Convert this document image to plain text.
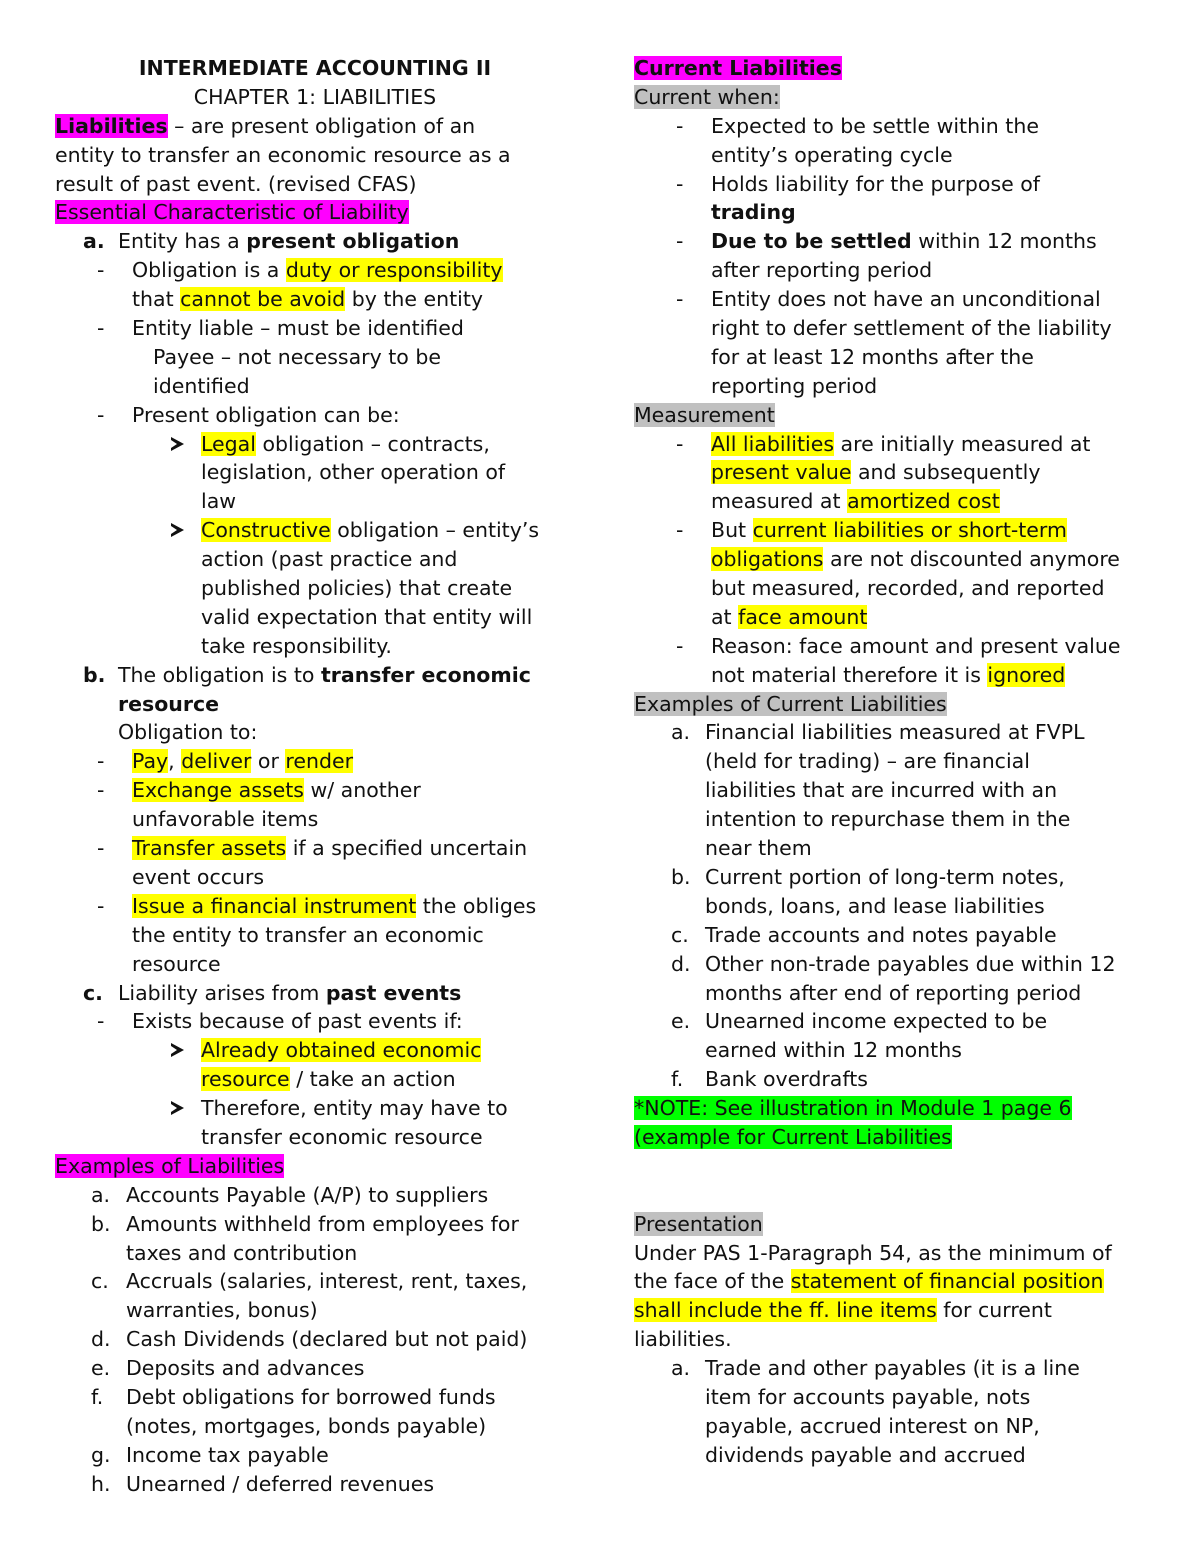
INTERMEDIATE ACCOUNTING II
CHAPTER 1: LIABILITIES
Liabilities – are present obligation of an
entity to transfer an economic resource as a
result of past event. (revised CFAS)
Essential Characteristic of Liability
a. Entity has a present obligation
- Obligation is a duty or responsibility
that cannot be avoid by the entity
- Entity liable – must be identified
Payee – not necessary to be
identified
- Present obligation can be:
Legal obligation – contracts,
legislation, other operation of
law
Constructive obligation – entity’s
action (past practice and
published policies) that create
valid expectation that entity will
take responsibility.
b. The obligation is to transfer economic
resource
Obligation to:
- Pay, deliver or render
- Exchange assets w/ another
unfavorable items
- Transfer assets if a specified uncertain
event occurs
- Issue a financial instrument the obliges
the entity to transfer an economic
resource
c. Liability arises from past events
- Exists because of past events if:
Already obtained economic
resource / take an action
Therefore, entity may have to
transfer economic resource
Examples of Liabilities
a. Accounts Payable (A/P) to suppliers
b. Amounts withheld from employees for
taxes and contribution
c. Accruals (salaries, interest, rent, taxes,
warranties, bonus)
d. Cash Dividends (declared but not paid)
e. Deposits and advances
f. Debt obligations for borrowed funds
(notes, mortgages, bonds payable)
g. Income tax payable
h. Unearned / deferred revenues
Current Liabilities
Current when:
- Expected to be settle within the
entity’s operating cycle
- Holds liability for the purpose of
trading
- Due to be settled within 12 months
after reporting period
- Entity does not have an unconditional
right to defer settlement of the liability
for at least 12 months after the
reporting period
Measurement
- All liabilities are initially measured at
present value and subsequently
measured at amortized cost
- But current liabilities or short-term
obligations are not discounted anymore
but measured, recorded, and reported
at face amount
- Reason: face amount and present value
not material therefore it is ignored
Examples of Current Liabilities
a. Financial liabilities measured at FVPL
(held for trading) – are financial
liabilities that are incurred with an
intention to repurchase them in the
near them
b. Current portion of long-term notes,
bonds, loans, and lease liabilities
c. Trade accounts and notes payable
d. Other non-trade payables due within 12
months after end of reporting period
e. Unearned income expected to be
earned within 12 months
f. Bank overdrafts
*NOTE: See illustration in Module 1 page 6
(example for Current Liabilities
Presentation
Under PAS 1-Paragraph 54, as the minimum of
the face of the statement of financial position
shall include the ff. line items for current
liabilities.
a. Trade and other payables (it is a line
item for accounts payable, nots
payable, accrued interest on NP,
dividends payable and accrued
